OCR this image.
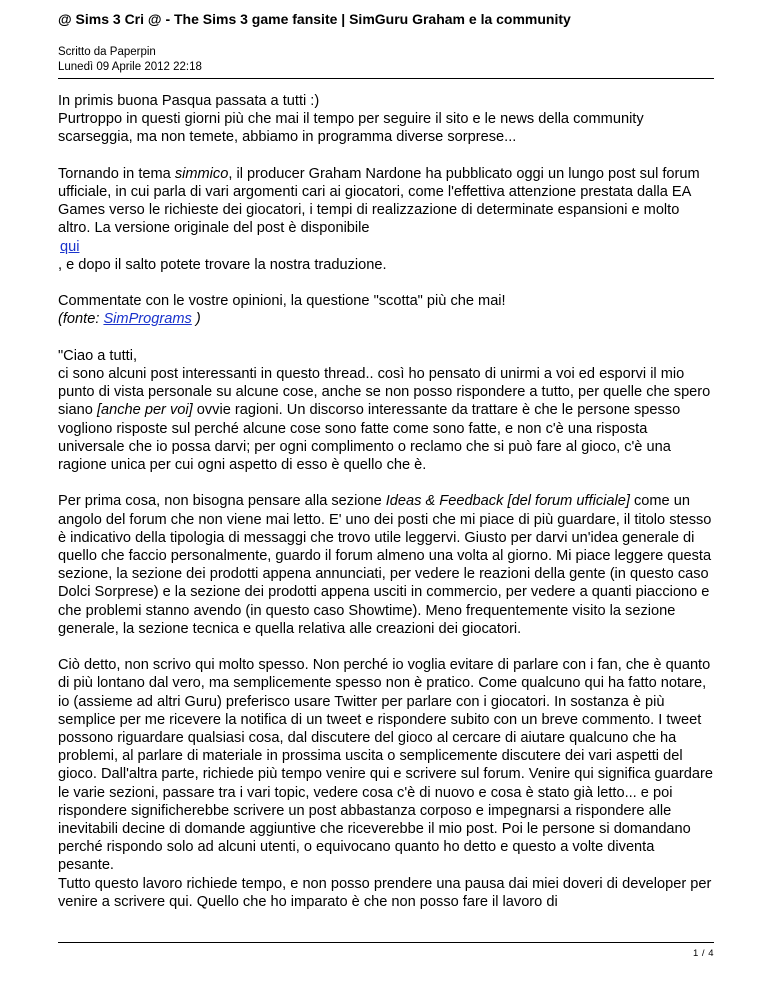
@ Sims 3 Cri @ - The Sims 3 game fansite | SimGuru Graham e la community
Scritto da Paperpin
Lunedì 09 Aprile 2012 22:18

In primis buona Pasqua passata a tutti :)
Purtroppo in questi giorni più che mai il tempo per seguire il sito e le news della community scarseggia, ma non temete, abbiamo in programma diverse sorprese...

Tornando in tema simmico, il producer Graham Nardone ha pubblicato oggi un lungo post sul forum ufficiale, in cui parla di vari argomenti cari ai giocatori, come l'effettiva attenzione prestata dalla EA Games verso le richieste dei giocatori, i tempi di realizzazione di determinate espansioni e molto altro. La versione originale del post è disponibile
qui
, e dopo il salto potete trovare la nostra traduzione.

Commentate con le vostre opinioni, la questione "scotta" più che mai!
(fonte: SimPrograms )

"Ciao a tutti,
ci sono alcuni post interessanti in questo thread.. così ho pensato di unirmi a voi ed esporvi il mio punto di vista personale su alcune cose, anche se non posso rispondere a tutto, per quelle che spero siano [anche per voi] ovvie ragioni. Un discorso interessante da trattare è che le persone spesso vogliono risposte sul perché alcune cose sono fatte come sono fatte, e non c'è una risposta universale che io possa darvi; per ogni complimento o reclamo che si può fare al gioco, c'è una ragione unica per cui ogni aspetto di esso è quello che è.

Per prima cosa, non bisogna pensare alla sezione Ideas & Feedback [del forum ufficiale] come un angolo del forum che non viene mai letto. E' uno dei posti che mi piace di più guardare, il titolo stesso è indicativo della tipologia di messaggi che trovo utile leggervi. Giusto per darvi un'idea generale di quello che faccio personalmente, guardo il forum almeno una volta al giorno. Mi piace leggere questa sezione, la sezione dei prodotti appena annunciati, per vedere le reazioni della gente (in questo caso Dolci Sorprese) e la sezione dei prodotti appena usciti in commercio, per vedere a quanti piacciono e che problemi stanno avendo (in questo caso Showtime). Meno frequentemente visito la sezione generale, la sezione tecnica e quella relativa alle creazioni dei giocatori.

Ciò detto, non scrivo qui molto spesso. Non perché io voglia evitare di parlare con i fan, che è quanto di più lontano dal vero, ma semplicemente spesso non è pratico. Come qualcuno qui ha fatto notare, io (assieme ad altri Guru) preferisco usare Twitter per parlare con i giocatori. In sostanza è più semplice per me ricevere la notifica di un tweet e rispondere subito con un breve commento. I tweet possono riguardare qualsiasi cosa, dal discutere del gioco al cercare di aiutare qualcuno che ha problemi, al parlare di materiale in prossima uscita o semplicemente discutere dei vari aspetti del gioco. Dall'altra parte, richiede più tempo venire qui e scrivere sul forum. Venire qui significa guardare le varie sezioni, passare tra i vari topic, vedere cosa c'è di nuovo e cosa è stato già letto... e poi rispondere significherebbe scrivere un post abbastanza corposo e impegnarsi a rispondere alle inevitabili decine di domande aggiuntive che riceverebbe il mio post. Poi le persone si domandano perché rispondo solo ad alcuni utenti, o equivocano quanto ho detto e questo a volte diventa pesante.

Tutto questo lavoro richiede tempo, e non posso prendere una pausa dai miei doveri di developer per venire a scrivere qui. Quello che ho imparato è che non posso fare il lavoro di

1 / 4
